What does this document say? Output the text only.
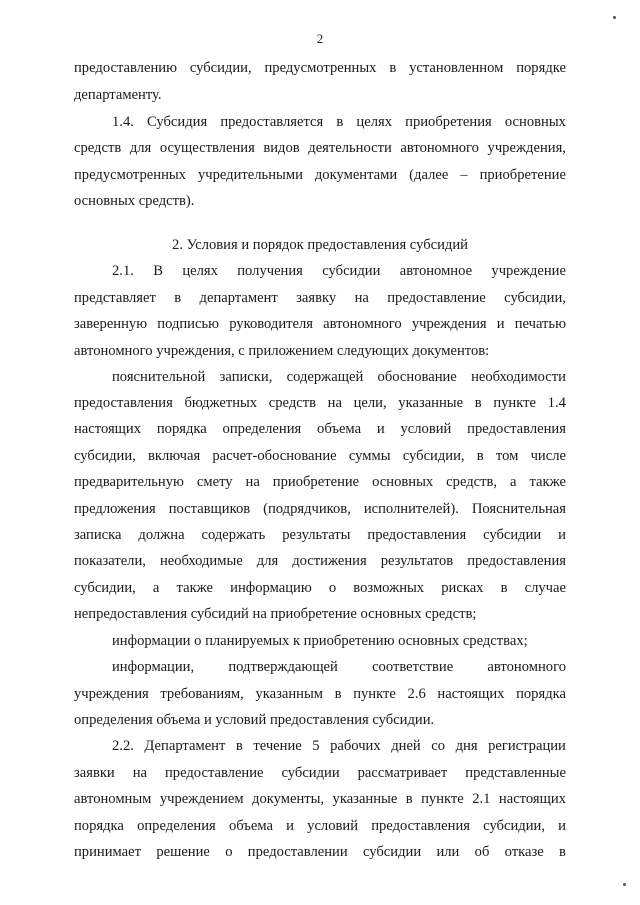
2
предоставлению субсидии, предусмотренных в установленном порядке
департаменту.
1.4. Субсидия предоставляется в целях приобретения основных
средств для осуществления видов деятельности автономного учреждения,
предусмотренных учредительными документами (далее – приобретение
основных средств).
2. Условия и порядок предоставления субсидий
2.1. В целях получения субсидии автономное учреждение
представляет в департамент заявку на предоставление субсидии,
заверенную подписью руководителя автономного учреждения и печатью
автономного учреждения, с приложением следующих документов:
пояснительной записки, содержащей обоснование необходимости
предоставления бюджетных средств на цели, указанные в пункте 1.4
настоящих порядка определения объема и условий предоставления
субсидии, включая расчет-обоснование суммы субсидии, в том числе
предварительную смету на приобретение основных средств, а также
предложения поставщиков (подрядчиков, исполнителей). Пояснительная
записка должна содержать результаты предоставления субсидии и
показатели, необходимые для достижения результатов предоставления
субсидии, а также информацию о возможных рисках в случае
непредоставления субсидий на приобретение основных средств;
информации о планируемых к приобретению основных средствах;
информации, подтверждающей соответствие автономного
учреждения требованиям, указанным в пункте 2.6 настоящих порядка
определения объема и условий предоставления субсидии.
2.2. Департамент в течение 5 рабочих дней со дня регистрации
заявки на предоставление субсидии рассматривает представленные
автономным учреждением документы, указанные в пункте 2.1 настоящих
порядка определения объема и условий предоставления субсидии, и
принимает решение о предоставлении субсидии или об отказе в
